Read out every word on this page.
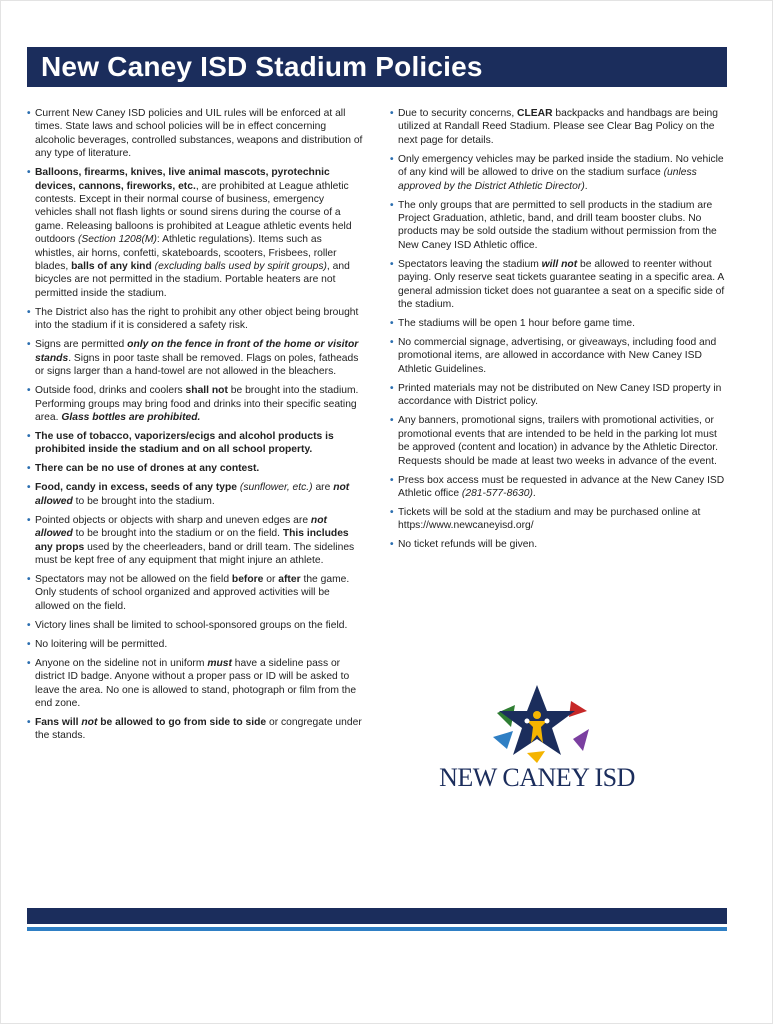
New Caney ISD Stadium Policies
• Current New Caney ISD policies and UIL rules will be enforced at all times. State laws and school policies will be in effect concerning alcoholic beverages, controlled substances, weapons and distribution of any type of literature.
• Balloons, firearms, knives, live animal mascots, pyrotechnic devices, cannons, fireworks, etc., are prohibited at League athletic contests. Except in their normal course of business, emergency vehicles shall not flash lights or sound sirens during the course of a game. Releasing balloons is prohibited at League athletic events held outdoors (Section 1208(M): Athletic regulations). Items such as whistles, air horns, confetti, skateboards, scooters, Frisbees, roller blades, balls of any kind (excluding balls used by spirit groups), and bicycles are not permitted in the stadium. Portable heaters are not permitted inside the stadium.
• The District also has the right to prohibit any other object being brought into the stadium if it is considered a safety risk.
• Signs are permitted only on the fence in front of the home or visitor stands. Signs in poor taste shall be removed. Flags on poles, fatheads or signs larger than a hand-towel are not allowed in the bleachers.
• Outside food, drinks and coolers shall not be brought into the stadium. Performing groups may bring food and drinks into their specific seating area. Glass bottles are prohibited.
• The use of tobacco, vaporizers/ecigs and alcohol products is prohibited inside the stadium and on all school property.
• There can be no use of drones at any contest.
• Food, candy in excess, seeds of any type (sunflower, etc.) are not allowed to be brought into the stadium.
• Pointed objects or objects with sharp and uneven edges are not allowed to be brought into the stadium or on the field. This includes any props used by the cheerleaders, band or drill team. The sidelines must be kept free of any equipment that might injure an athlete.
• Spectators may not be allowed on the field before or after the game. Only students of school organized and approved activities will be allowed on the field.
• Victory lines shall be limited to school-sponsored groups on the field.
• No loitering will be permitted.
• Anyone on the sideline not in uniform must have a sideline pass or district ID badge. Anyone without a proper pass or ID will be asked to leave the area. No one is allowed to stand, photograph or film from the end zone.
• Fans will not be allowed to go from side to side or congregate under the stands.
• Due to security concerns, CLEAR backpacks and handbags are being utilized at Randall Reed Stadium. Please see Clear Bag Policy on the next page for details.
• Only emergency vehicles may be parked inside the stadium. No vehicle of any kind will be allowed to drive on the stadium surface (unless approved by the District Athletic Director).
• The only groups that are permitted to sell products in the stadium are Project Graduation, athletic, band, and drill team booster clubs. No products may be sold outside the stadium without permission from the New Caney ISD Athletic office.
• Spectators leaving the stadium will not be allowed to reenter without paying. Only reserve seat tickets guarantee seating in a specific area. A general admission ticket does not guarantee a seat on a specific side of the stadium.
• The stadiums will be open 1 hour before game time.
• No commercial signage, advertising, or giveaways, including food and promotional items, are allowed in accordance with New Caney ISD Athletic Guidelines.
• Printed materials may not be distributed on New Caney ISD property in accordance with District policy.
• Any banners, promotional signs, trailers with promotional activities, or promotional events that are intended to be held in the parking lot must be approved (content and location) in advance by the Athletic Director. Requests should be made at least two weeks in advance of the event.
• Press box access must be requested in advance at the New Caney ISD Athletic office (281-577-8630).
• Tickets will be sold at the stadium and may be purchased online at https://www.newcaneyisd.org/
• No ticket refunds will be given.
NEW CANEY ISD
